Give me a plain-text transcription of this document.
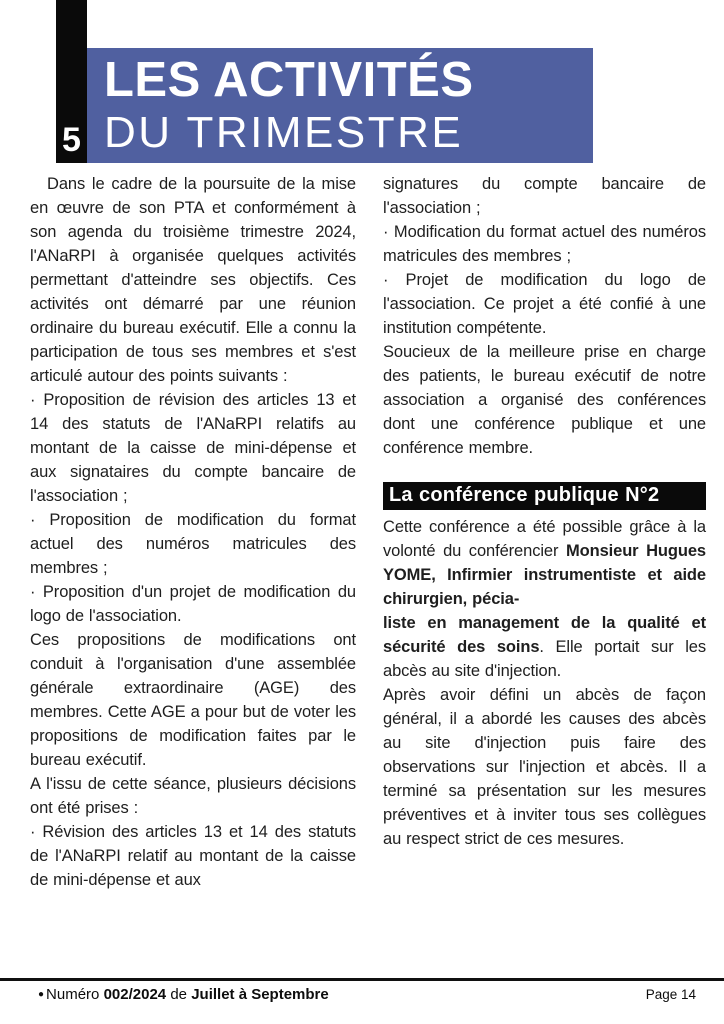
5
LES ACTIVITÉS
DU TRIMESTRE

Dans le cadre de la poursuite de la mise en œuvre de son PTA et conformément à son agenda du troisième trimestre 2024, l'ANaRPI à organisée quelques activités permettant d'atteindre ses objectifs. Ces activités ont démarré par une réunion ordinaire du bureau exécutif. Elle a connu la participation de tous ses membres et s'est articulé autour des points suivants :

· Proposition de révision des articles 13 et 14 des statuts de l'ANaRPI relatifs au montant de la caisse de mini-dépense et aux signataires du compte bancaire de l'association ;

· Proposition de modification du format actuel des numéros matricules des membres ;

· Proposition d'un projet de modification du logo de l'association.

Ces propositions de modifications ont conduit à l'organisation d'une assemblée générale extraordinaire (AGE) des membres. Cette AGE a pour but de voter les propositions de modification faites par le bureau exécutif.

A l'issu de cette séance, plusieurs décisions ont été prises :

· Révision des articles 13 et 14 des statuts de l'ANaRPI relatif au montant de la caisse de mini-dépense et aux

signatures du compte bancaire de l'association ;

· Modification du format actuel des numéros matricules des membres ;

· Projet de modification du logo de l'association. Ce projet a été confié à une institution compétente.

Soucieux de la meilleure prise en charge des patients, le bureau exécutif de notre association a organisé des conférences dont une conférence publique et une conférence membre.

La conférence publique N°2

Cette conférence a été possible grâce à la volonté du conférencier Monsieur Hugues YOME, Infirmier instrumentiste et aide chirurgien, pécia-
liste en management de la qualité et sécurité des soins. Elle portait sur les abcès au site d'injection.

Après avoir défini un abcès de façon général, il a abordé les causes des abcès au site d'injection puis faire des observations sur l'injection et abcès. Il a terminé sa présentation sur les mesures préventives et à inviter tous ses collègues au respect strict de ces mesures.

● Numéro 002/2024 de Juillet à Septembre	Page 14
